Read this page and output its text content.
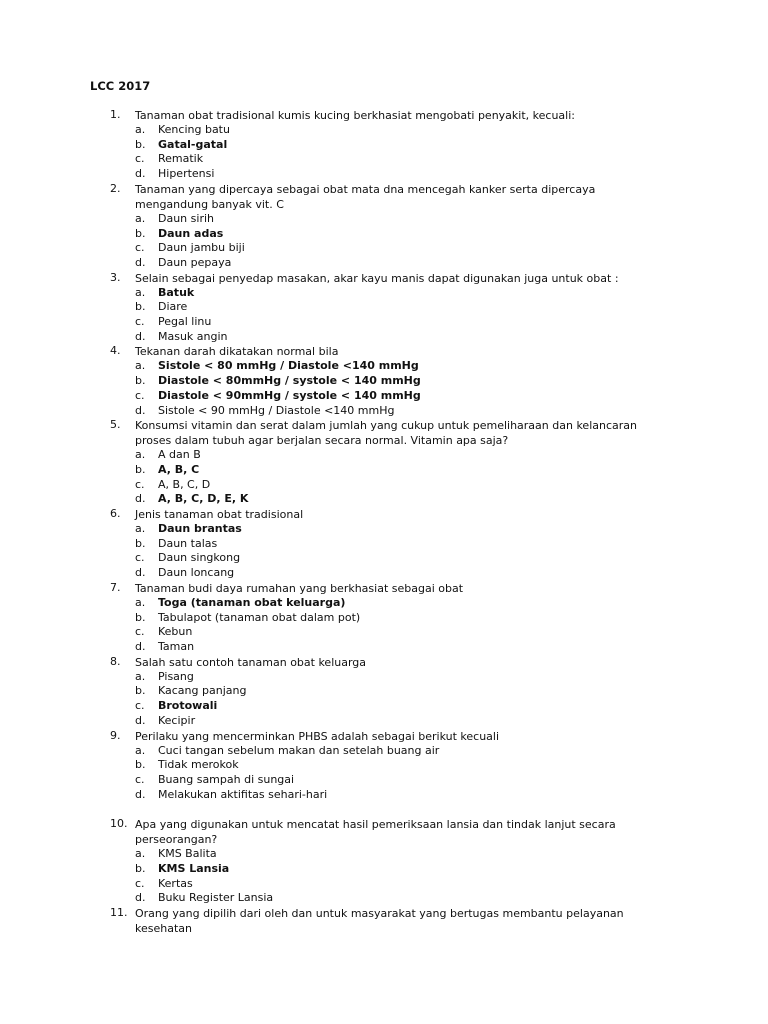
LCC 2017
1.	Tanaman obat tradisional kumis kucing berkhasiat mengobati penyakit, kecuali:
a. Kencing batu
b. Gatal-gatal
c. Rematik
d. Hipertensi
2.	Tanaman yang dipercaya sebagai obat mata dna mencegah kanker serta dipercaya mengandung banyak vit. C
a. Daun sirih
b. Daun adas
c. Daun jambu biji
d. Daun pepaya
3.	Selain sebagai penyedap masakan, akar kayu manis dapat digunakan juga untuk obat :
a. Batuk
b. Diare
c. Pegal linu
d. Masuk angin
4.	Tekanan darah dikatakan normal bila
a. Sistole < 80 mmHg / Diastole <140 mmHg
b. Diastole < 80mmHg / systole < 140 mmHg
c. Diastole < 90mmHg / systole < 140 mmHg
d. Sistole < 90 mmHg / Diastole <140 mmHg
5.	Konsumsi vitamin dan serat dalam jumlah yang cukup untuk pemeliharaan dan kelancaran proses dalam tubuh agar berjalan secara normal. Vitamin apa saja?
a. A dan B
b. A, B, C
c. A, B, C, D
d. A, B, C, D, E, K
6.	Jenis tanaman obat tradisional
a. Daun brantas
b. Daun talas
c. Daun singkong
d. Daun loncang
7.	Tanaman budi daya rumahan yang berkhasiat sebagai obat
a. Toga (tanaman obat keluarga)
b. Tabulapot (tanaman obat dalam pot)
c. Kebun
d. Taman
8.	Salah satu contoh tanaman obat keluarga
a. Pisang
b. Kacang panjang
c. Brotowali
d. Kecipir
9.	Perilaku yang mencerminkan PHBS adalah sebagai berikut kecuali
a. Cuci tangan sebelum makan dan setelah buang air
b. Tidak merokok
c. Buang sampah di sungai
d. Melakukan aktifitas sehari-hari
10. Apa yang digunakan untuk mencatat hasil pemeriksaan lansia dan tindak lanjut secara perseorangan?
a. KMS Balita
b. KMS Lansia
c. Kertas
d. Buku Register Lansia
11. Orang yang dipilih dari oleh dan untuk masyarakat yang bertugas membantu pelayanan kesehatan
